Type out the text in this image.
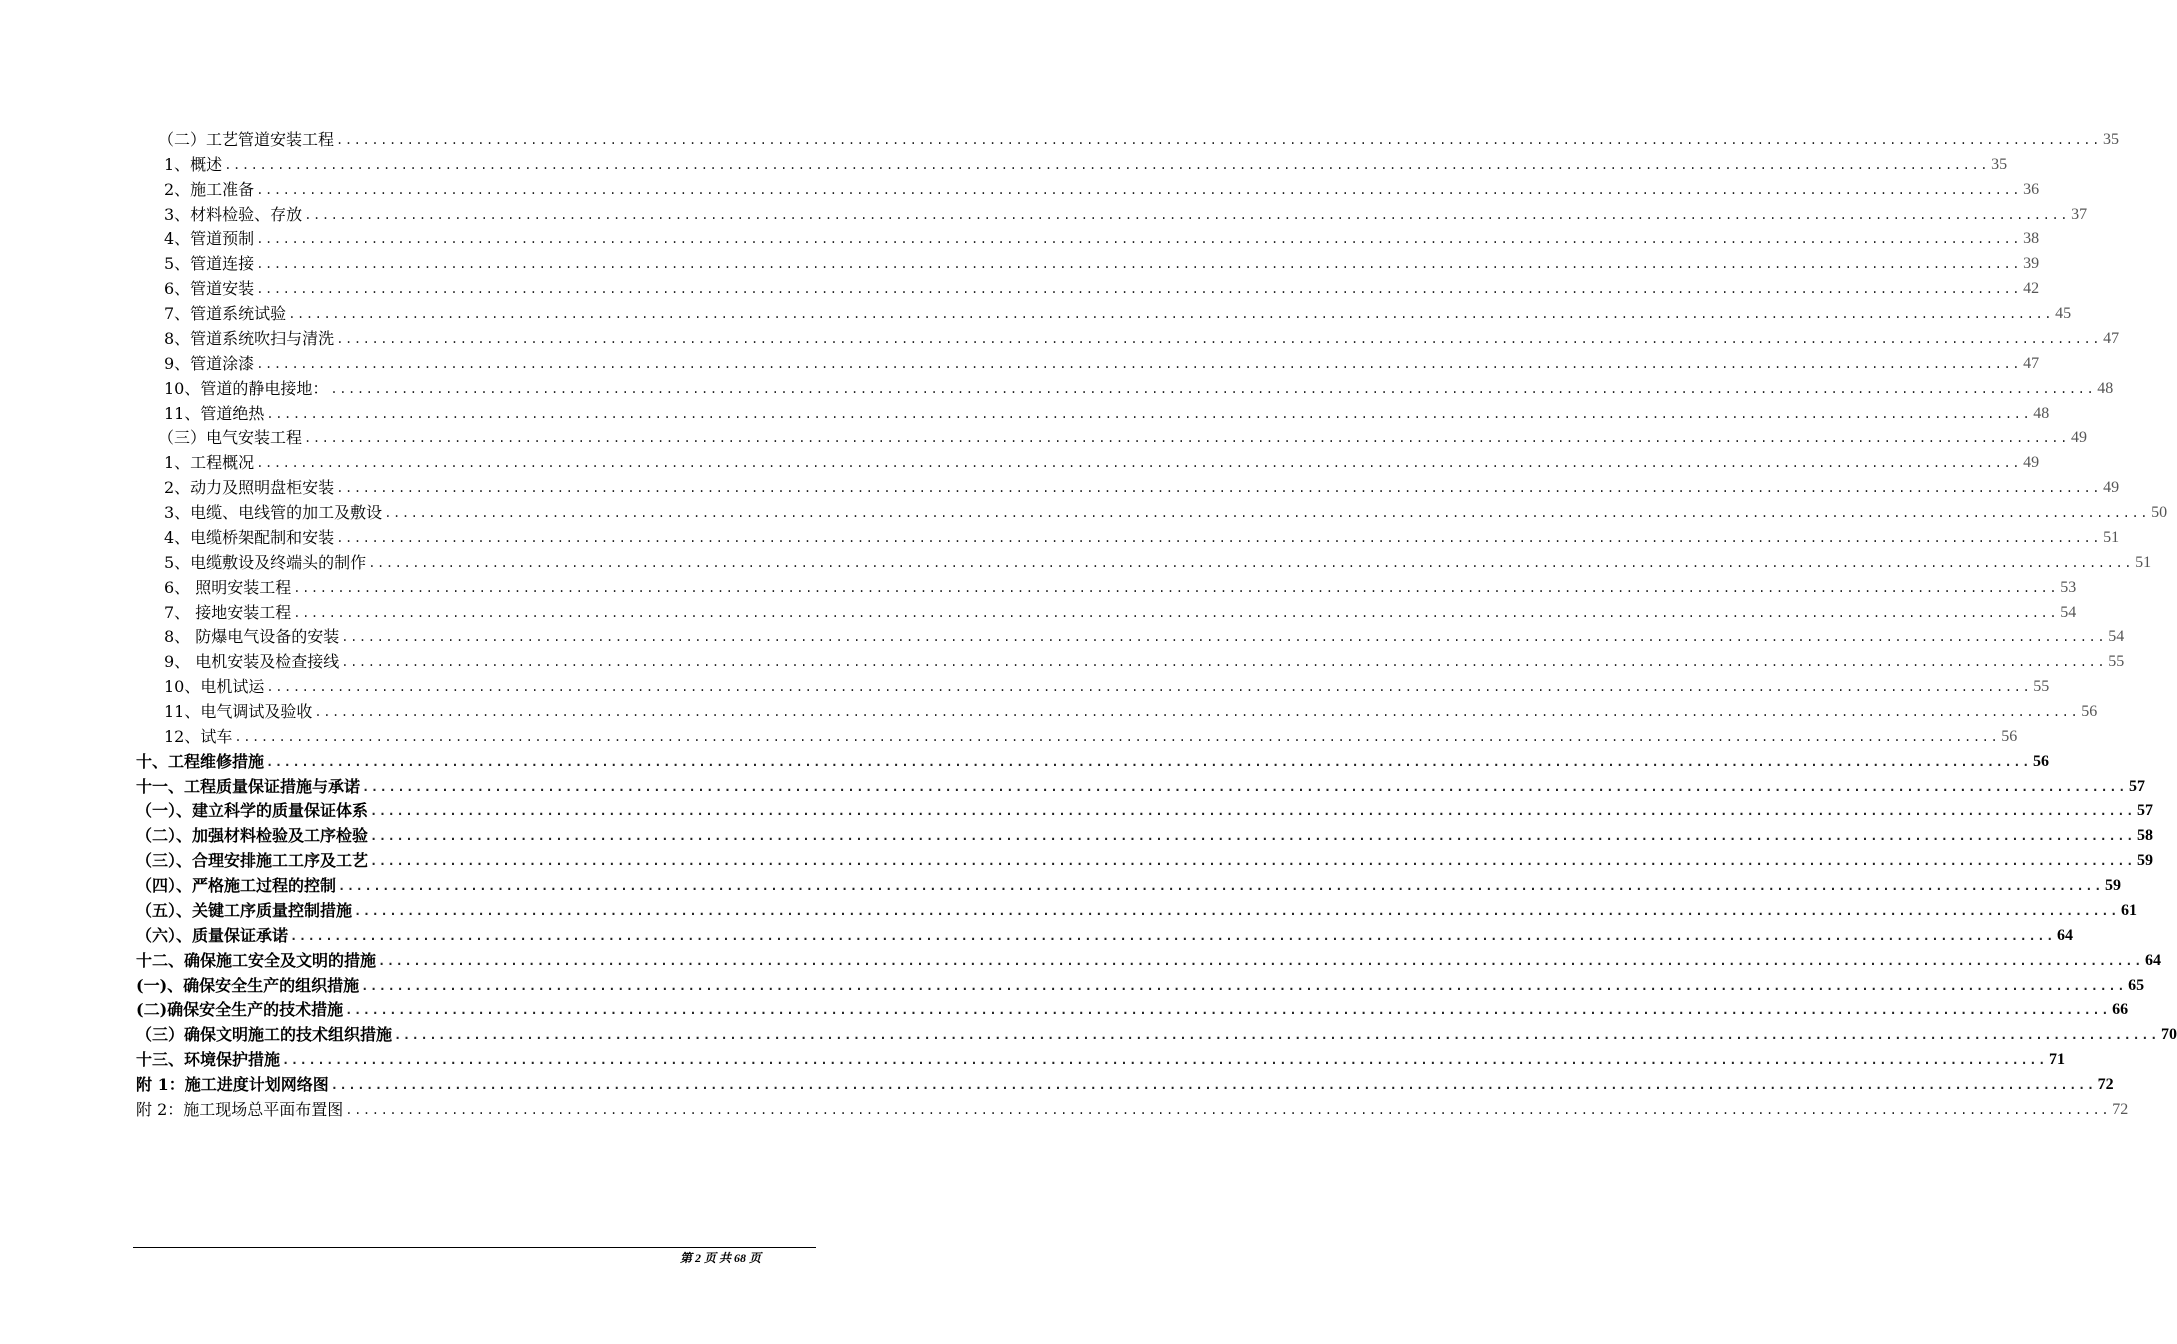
（二）工艺管道安装工程 ........................................................................................................................................................................................................ 35
1、概述 ........................................................................................................................................................................................................ 35
2、施工准备 ........................................................................................................................................................................................................ 36
3、材料检验、存放 ........................................................................................................................................................................................................ 37
4、管道预制 ........................................................................................................................................................................................................ 38
5、管道连接 ........................................................................................................................................................................................................ 39
6、管道安装 ........................................................................................................................................................................................................ 42
7、管道系统试验 ........................................................................................................................................................................................................ 45
8、管道系统吹扫与清洗 ........................................................................................................................................................................................................ 47
9、管道涂漆 ........................................................................................................................................................................................................ 47
10、管道的静电接地： ........................................................................................................................................................................................................ 48
11、管道绝热 ........................................................................................................................................................................................................ 48
（三）电气安装工程 ........................................................................................................................................................................................................ 49
1、工程概况 ........................................................................................................................................................................................................ 49
2、动力及照明盘柜安装 ........................................................................................................................................................................................................ 49
3、电缆、电线管的加工及敷设 ........................................................................................................................................................................................................ 50
4、电缆桥架配制和安装 ........................................................................................................................................................................................................ 51
5、电缆敷设及终端头的制作 ........................................................................................................................................................................................................ 51
6、 照明安装工程 ........................................................................................................................................................................................................ 53
7、 接地安装工程 ........................................................................................................................................................................................................ 54
8、 防爆电气设备的安装 ........................................................................................................................................................................................................ 54
9、 电机安装及检查接线 ........................................................................................................................................................................................................ 55
10、电机试运 ........................................................................................................................................................................................................ 55
11、电气调试及验收 ........................................................................................................................................................................................................ 56
12、试车 ........................................................................................................................................................................................................ 56
十、工程维修措施 ........................................................................................................................................................................................................ 56
十一、工程质量保证措施与承诺 ........................................................................................................................................................................................................ 57
（一）、建立科学的质量保证体系 ........................................................................................................................................................................................................ 57
（二）、加强材料检验及工序检验 ........................................................................................................................................................................................................ 58
（三）、合理安排施工工序及工艺 ........................................................................................................................................................................................................ 59
（四）、严格施工过程的控制 ........................................................................................................................................................................................................ 59
（五）、关键工序质量控制措施 ........................................................................................................................................................................................................ 61
（六）、质量保证承诺 ........................................................................................................................................................................................................ 64
十二、确保施工安全及文明的措施 ........................................................................................................................................................................................................ 64
(一)、确保安全生产的组织措施 ........................................................................................................................................................................................................ 65
(二)确保安全生产的技术措施 ........................................................................................................................................................................................................ 66
（三）确保文明施工的技术组织措施 ........................................................................................................................................................................................................ 70
十三、环境保护措施 ........................................................................................................................................................................................................ 71
附 1：施工进度计划网络图 ........................................................................................................................................................................................................ 72
附 2：施工现场总平面布置图 ........................................................................................................................................................................................................ 72
第 2 页 共 68 页
